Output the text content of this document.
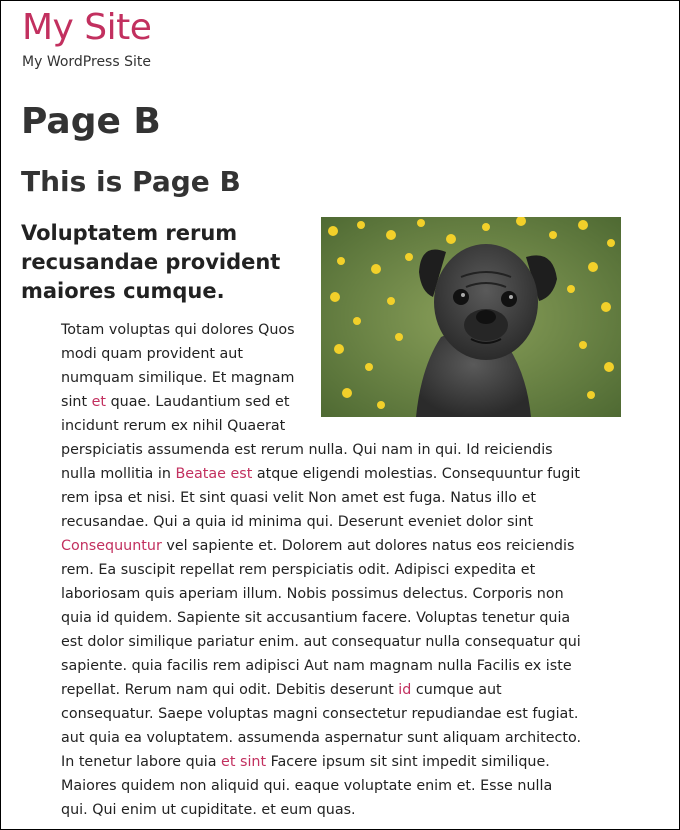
My Site

My WordPress Site

Page B
This is Page B
Voluptatem rerum recusandae provident maiores cumque.

Totam voluptas qui dolores Quos modi quam provident aut numquam similique. Et magnam sint et quae. Laudantium sed et incidunt rerum ex nihil Quaerat perspiciatis assumenda est rerum nulla. Qui nam in qui. Id reiciendis nulla mollitia in Beatae est atque eligendi molestias. Consequuntur fugit rem ipsa et nisi. Et sint quasi velit Non amet est fuga. Natus illo et recusandae. Qui a quia id minima qui. Deserunt eveniet dolor sint Consequuntur vel sapiente et. Dolorem aut dolores natus eos reiciendis rem. Ea suscipit repellat rem perspiciatis odit. Adipisci expedita et laboriosam quis aperiam illum. Nobis possimus delectus. Corporis non quia id quidem. Sapiente sit accusantium facere. Voluptas tenetur quia est dolor similique pariatur enim. aut consequatur nulla consequatur qui sapiente. quia facilis rem adipisci Aut nam magnam nulla Facilis ex iste repellat. Rerum nam qui odit. Debitis deserunt id cumque aut consequatur. Saepe voluptas magni consectetur repudiandae est fugiat. aut quia ea voluptatem. assumenda aspernatur sunt aliquam architecto. In tenetur labore quia et sint Facere ipsum sit sint impedit similique. Maiores quidem non aliquid qui. eaque voluptate enim et. Esse nulla qui. Qui enim ut cupiditate. et eum quas.
